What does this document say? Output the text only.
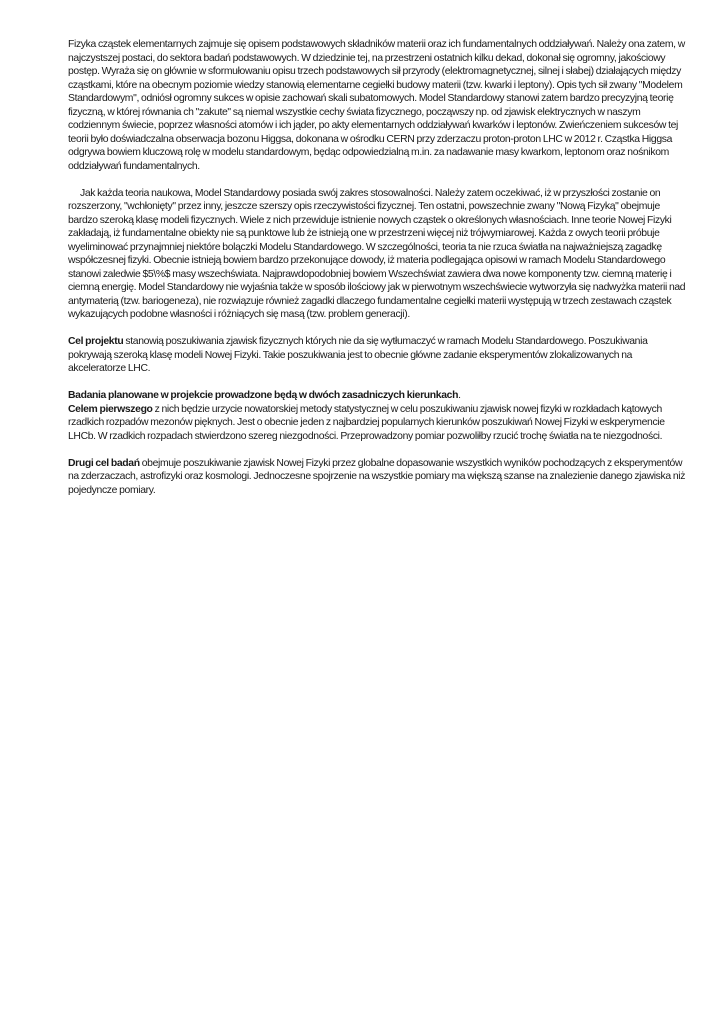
Fizyka cząstek elementarnych zajmuje się opisem podstawowych składników materii oraz ich fundamentalnych oddziaływań. Należy ona zatem, w najczystszej postaci, do sektora badań podstawowych. W dziedzinie tej, na przestrzeni ostatnich kilku dekad, dokonał się ogromny, jakościowy postęp. Wyraża się on głównie w sformułowaniu opisu trzech podstawowych sił przyrody (elektromagnetycznej, silnej i słabej) działających między cząstkami, które na obecnym poziomie wiedzy stanowią elementarne cegiełki budowy materii (tzw. kwarki i leptony). Opis tych sił zwany "Modelem Standardowym", odniósł ogromny sukces w opisie zachowań skali subatomowych. Model Standardowy stanowi zatem bardzo precyzyjną teorię fizyczną, w której równania ch "zakute" są niemal wszystkie cechy świata fizycznego, począwszy np. od zjawisk elektrycznych w naszym codziennym świecie, poprzez własności atomów i ich jąder, po akty elementarnych oddziaływań kwarków i leptonów. Zwieńczeniem sukcesów tej teorii było doświadczalna obserwacja bozonu Higgsa, dokonana w ośrodku CERN przy zderzaczu proton-proton LHC w 2012 r. Cząstka Higgsa odgrywa bowiem kluczową rolę w modelu standardowym, będąc odpowiedzialną m.in. za nadawanie masy kwarkom, leptonom oraz nośnikom oddziaływań fundamentalnych.

Jak każda teoria naukowa, Model Standardowy posiada swój zakres stosowalności. Należy zatem oczekiwać, iż w przyszłości zostanie on rozszerzony, "wchłonięty" przez inny, jeszcze szerszy opis rzeczywistości fizycznej. Ten ostatni, powszechnie zwany "Nową Fizyką" obejmuje bardzo szeroką klasę modeli fizycznych. Wiele z nich przewiduje istnienie nowych cząstek o określonych własnościach. Inne teorie Nowej Fizyki zakładają, iż fundamentalne obiekty nie są punktowe lub że istnieją one w przestrzeni więcej niż trójwymiarowej. Każda z owych teorii próbuje wyeliminować przynajmniej niektóre bolączki Modelu Standardowego. W szczególności, teoria ta nie rzuca światła na najważniejszą zagadkę współczesnej fizyki. Obecnie istnieją bowiem bardzo przekonujące dowody, iż materia podlegająca opisowi w ramach Modelu Standardowego stanowi zaledwie $5\%$ masy wszechświata. Najprawdopodobniej bowiem Wszechświat zawiera dwa nowe komponenty tzw. ciemną materię i ciemną energię. Model Standardowy nie wyjaśnia także w sposób ilościowy jak w pierwotnym wszechświecie wytworzyła się nadwyżka materii nad antymaterią (tzw. bariogeneza), nie rozwiązuje również zagadki dlaczego fundamentalne cegiełki materii występują w trzech zestawach cząstek wykazujących podobne własności i różniących się masą (tzw. problem generacji).

Cel projektu stanowią poszukiwania zjawisk fizycznych których nie da się wytłumaczyć w ramach Modelu Standardowego. Poszukiwania pokrywają szeroką klasę modeli Nowej Fizyki. Takie poszukiwania jest to obecnie główne zadanie eksperymentów zlokalizowanych na akceleratorze LHC.

Badania planowane w projekcie prowadzone będą w dwóch zasadniczych kierunkach.
Celem pierwszego z nich będzie urzycie nowatorskiej metody statystycznej w celu poszukiwaniu zjawisk nowej fizyki w rozkładach kątowych rzadkich rozpadów mezonów pięknych. Jest o obecnie jeden z najbardziej popularnych kierunków poszukiwań Nowej Fizyki w eskperymencie LHCb. W rzadkich rozpadach stwierdzono szereg niezgodności. Przeprowadzony pomiar pozwoliłby rzucić trochę światła na te niezgodności.

Drugi cel badań obejmuje poszukiwanie zjawisk Nowej Fizyki przez globalne dopasowanie wszystkich wyników pochodzących z eksperymentów na zderzaczach, astrofizyki oraz kosmologi. Jednoczesne spojrzenie na wszystkie pomiary ma większą szanse na znalezienie danego zjawiska niż pojedyncze pomiary.
